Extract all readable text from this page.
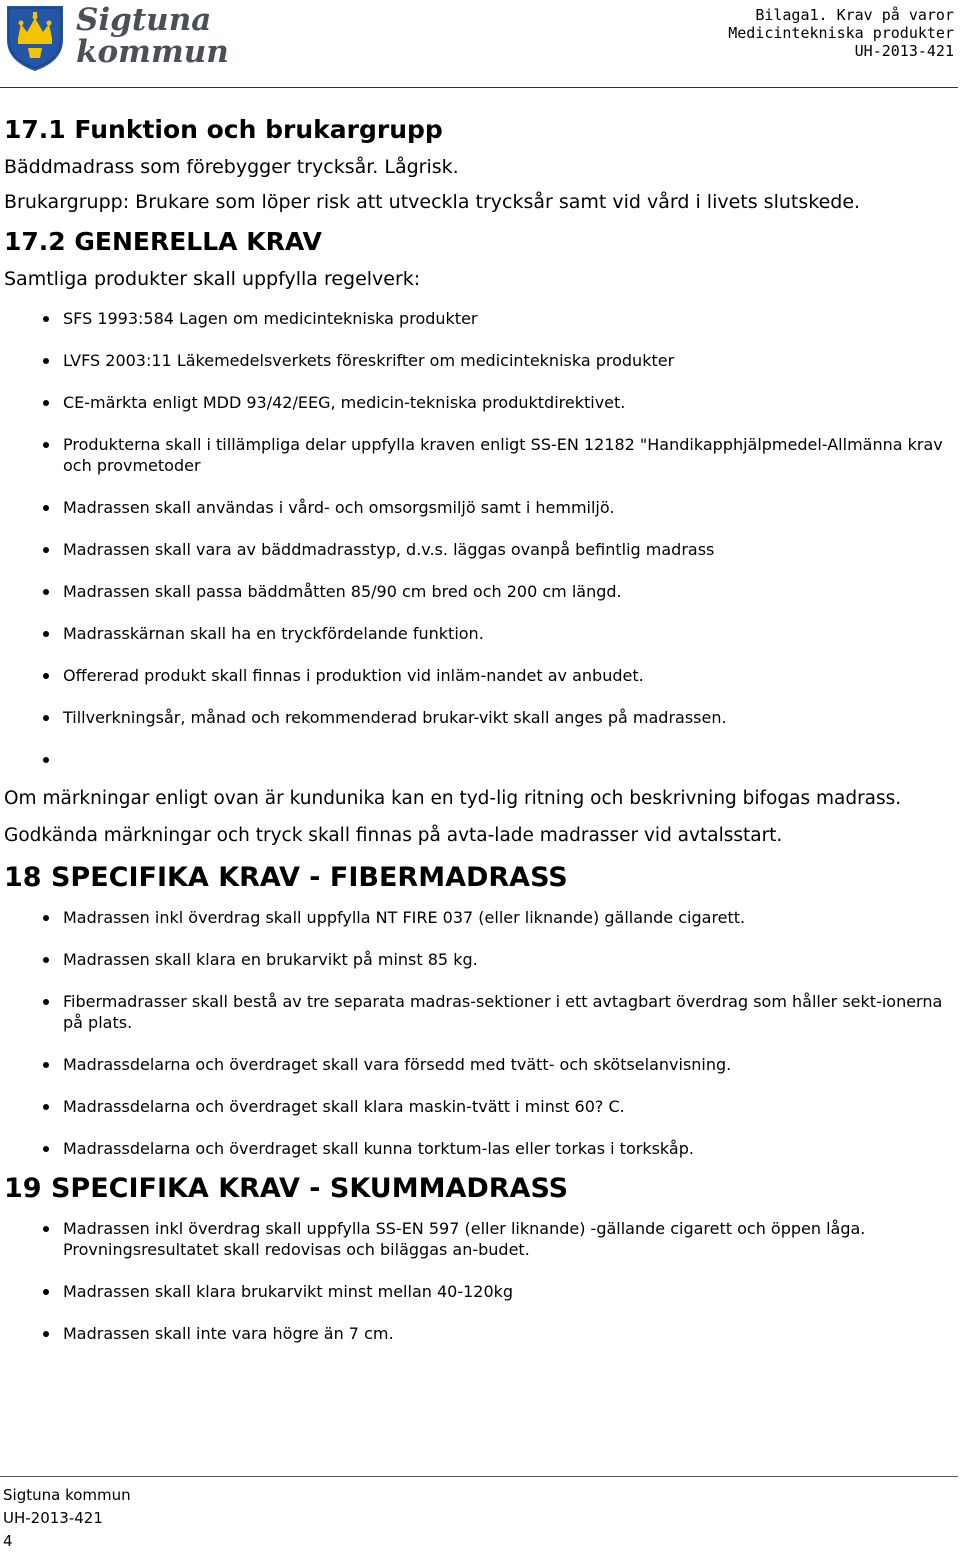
Sigtuna
kommun
Bilaga1. Krav på varor
Medicintekniska produkter
UH-2013-421
17.1 Funktion och brukargrupp

Bäddmadrass som förebygger trycksår. Lågrisk.

Brukargrupp: Brukare som löper risk att utveckla trycksår samt vid vård i livets slutskede.

17.2 GENERELLA KRAV

Samtliga produkter skall uppfylla regelverk:

SFS 1993:584 Lagen om medicintekniska produkter
LVFS 2003:11 Läkemedelsverkets föreskrifter om medicintekniska produkter
CE-märkta enligt MDD 93/42/EEG, medicin-tekniska produktdirektivet.
Produkterna skall i tillämpliga delar uppfylla kraven enligt SS-EN 12182 "Handikapphjälpmedel-Allmänna krav och provmetoder
Madrassen skall användas i vård- och omsorgsmiljö samt i hemmiljö.
Madrassen skall vara av bäddmadrasstyp, d.v.s. läggas ovanpå befintlig madrass
Madrassen skall passa bäddmåtten 85/90 cm bred och 200 cm längd.
Madrasskärnan skall ha en tryckfördelande funktion.
Offererad produkt skall finnas i produktion vid inläm-nandet av anbudet.
Tillverkningsår, månad och rekommenderad brukar-vikt skall anges på madrassen.

Om märkningar enligt ovan är kundunika kan en tyd-lig ritning och beskrivning bifogas madrass.

Godkända märkningar och tryck skall finnas på avta-lade madrasser vid avtalsstart.

18 SPECIFIKA KRAV - FIBERMADRASS
Madrassen inkl överdrag skall uppfylla NT FIRE 037 (eller liknande) gällande cigarett.
Madrassen skall klara en brukarvikt på minst 85 kg.
Fibermadrasser skall bestå av tre separata madras-sektioner i ett avtagbart överdrag som håller sekt-ionerna på plats.
Madrassdelarna och överdraget skall vara försedd med tvätt- och skötselanvisning.
Madrassdelarna och överdraget skall klara maskin-tvätt i minst 60? C.
Madrassdelarna och överdraget skall kunna torktum-las eller torkas i torkskåp.
19 SPECIFIKA KRAV - SKUMMADRASS
Madrassen inkl överdrag skall uppfylla SS-EN 597 (eller liknande) -gällande cigarett och öppen låga. Provningsresultatet skall redovisas och biläggas an-budet.
Madrassen skall klara brukarvikt minst mellan 40-120kg
Madrassen skall inte vara högre än 7 cm.
Sigtuna kommun
UH-2013-421
4
